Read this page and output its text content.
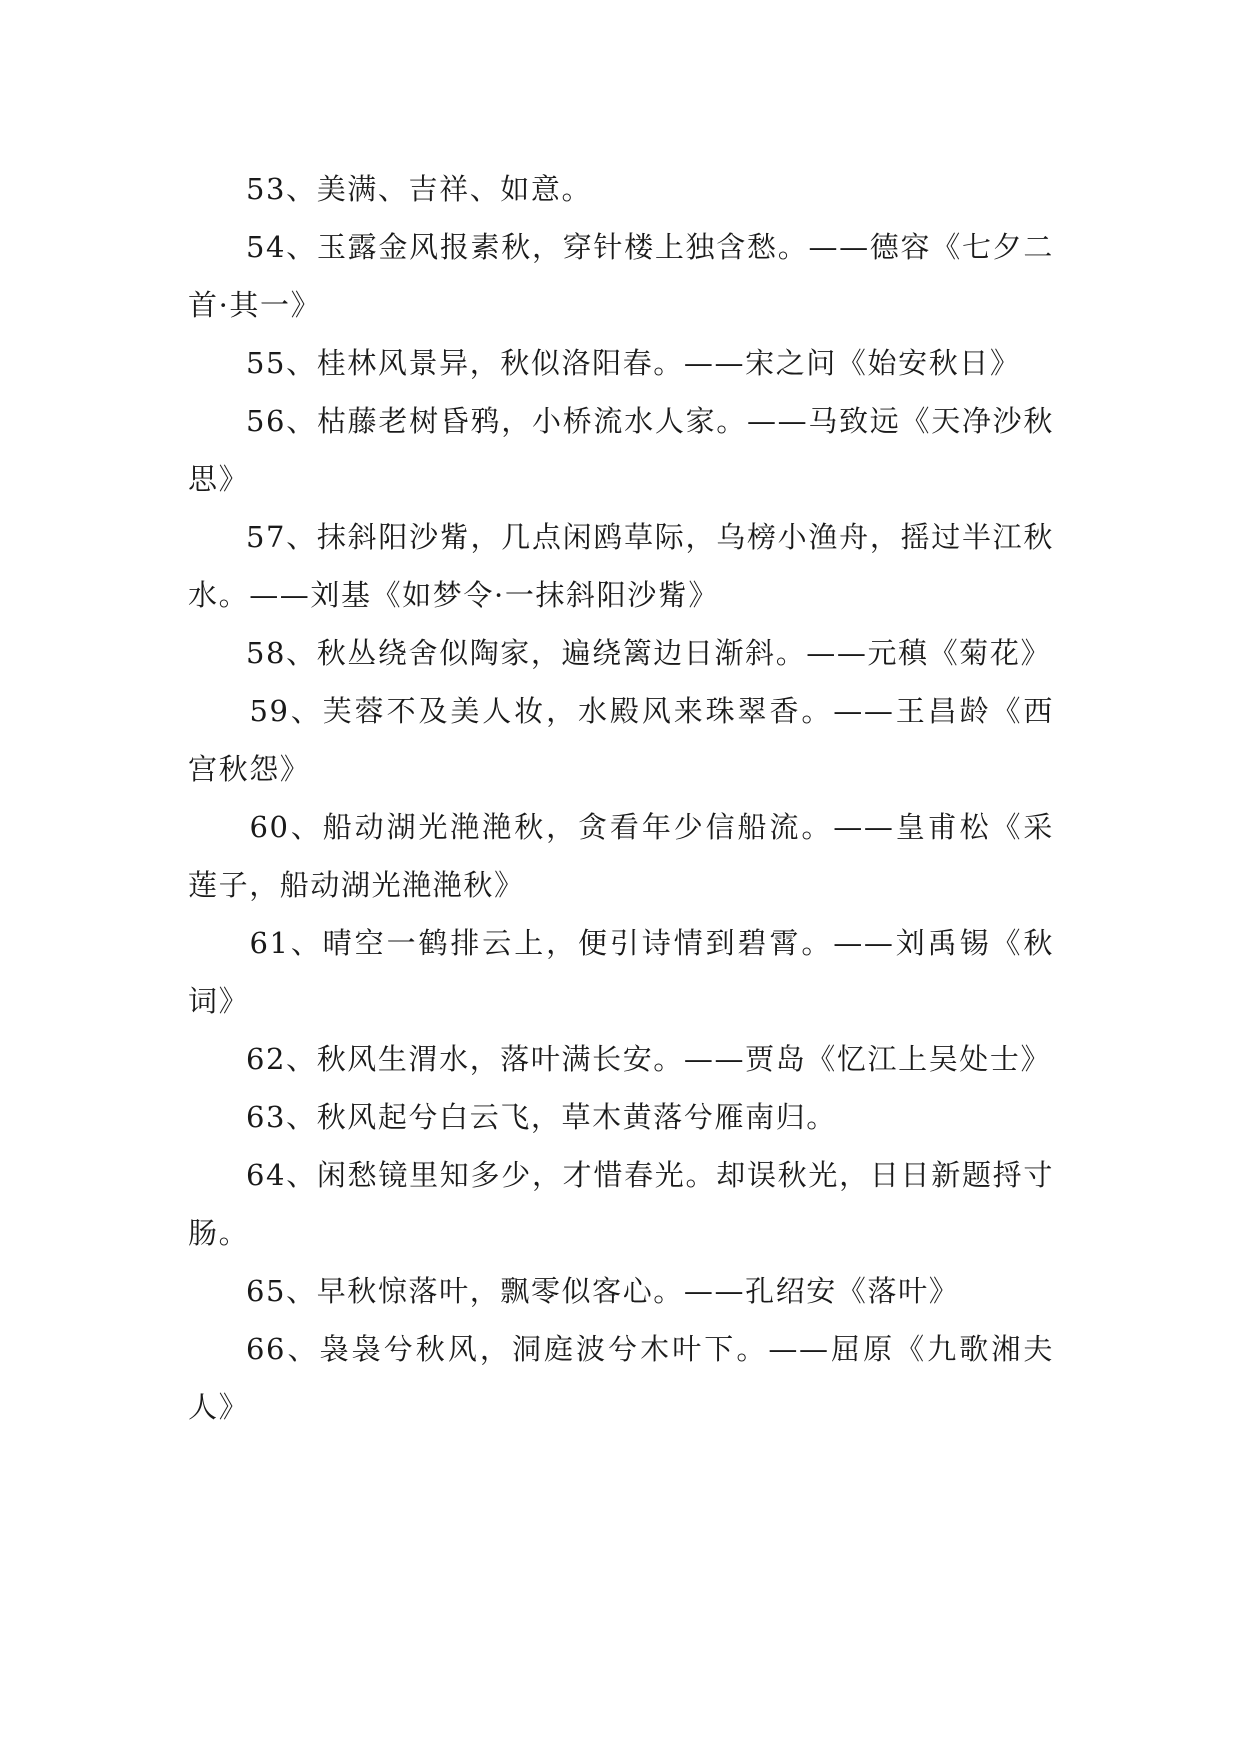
53、美满、吉祥、如意。

54、玉露金风报素秋，穿针楼上独含愁。——德容《七夕二首·其一》

55、桂林风景异，秋似洛阳春。——宋之问《始安秋日》

56、枯藤老树昏鸦，小桥流水人家。——马致远《天净沙秋思》

57、抹斜阳沙觜，几点闲鸥草际，乌榜小渔舟，摇过半江秋水。——刘基《如梦令·一抹斜阳沙觜》

58、秋丛绕舍似陶家，遍绕篱边日渐斜。——元稹《菊花》

59、芙蓉不及美人妆，水殿风来珠翠香。——王昌龄《西宫秋怨》

60、船动湖光滟滟秋，贪看年少信船流。——皇甫松《采莲子，船动湖光滟滟秋》

61、晴空一鹤排云上，便引诗情到碧霄。——刘禹锡《秋词》

62、秋风生渭水，落叶满长安。——贾岛《忆江上吴处士》

63、秋风起兮白云飞，草木黄落兮雁南归。

64、闲愁镜里知多少，才惜春光。却误秋光，日日新题捋寸肠。

65、早秋惊落叶，飘零似客心。——孔绍安《落叶》

66、袅袅兮秋风，洞庭波兮木叶下。——屈原《九歌湘夫人》
